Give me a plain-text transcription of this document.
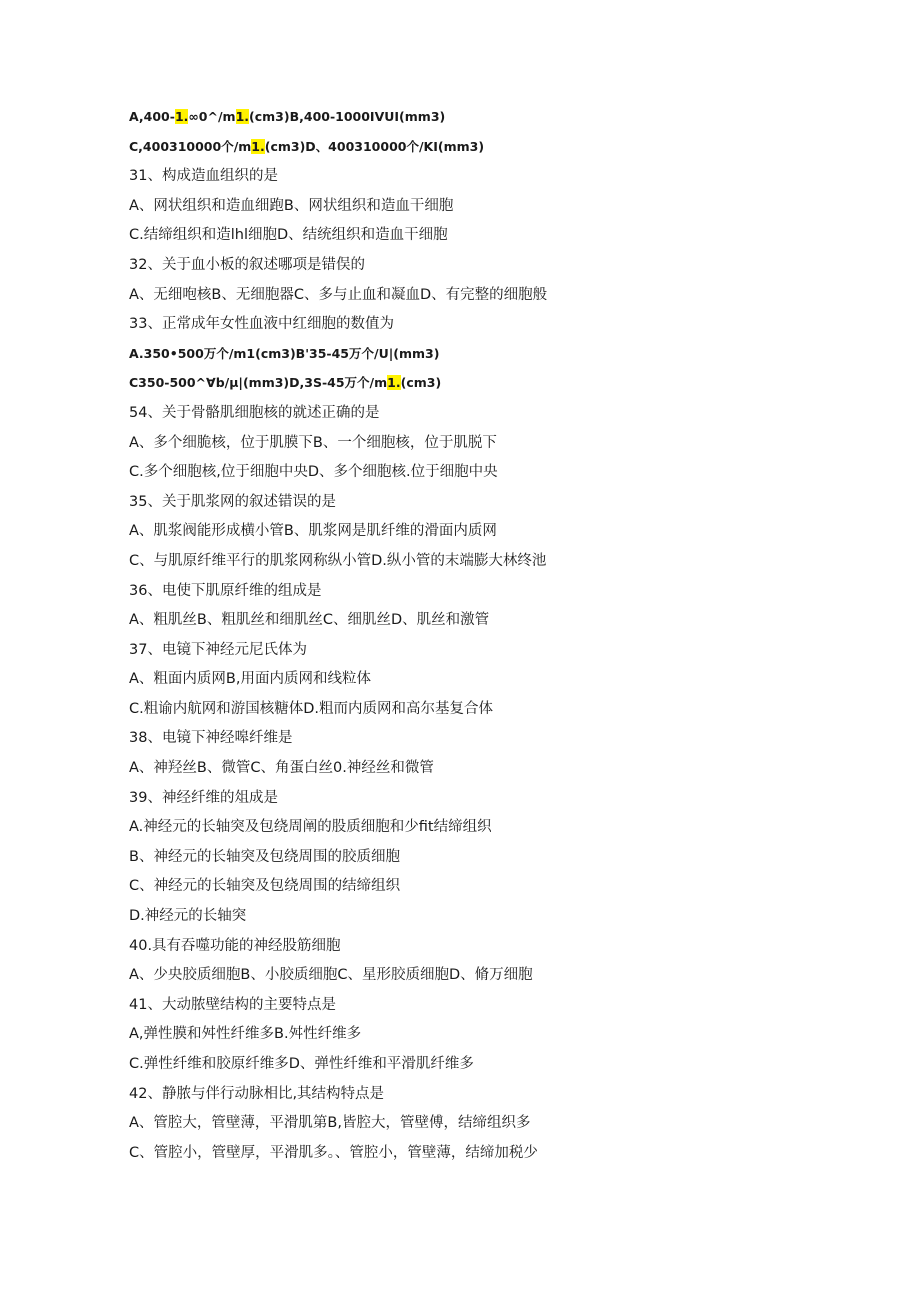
A,400-1.∞0^/m1.(cm3)B,400-1000IVUI(mm3)
C,400310000个/m1.(cm3)D、400310000个/KI(mm3)
31、构成造血组织的是
A、网状组织和造血细跑B、网状组织和造血干细胞
C.结缔组织和造lhl细胞D、结统组织和造血干细胞
32、关于血小板的叙述哪项是错俣的
A、无细咆核B、无细胞器C、多与止血和凝血D、有完整的细胞般
33、正常成年女性血液中红细胞的数值为
A.350•500万个/m1(cm3)B'35-45万个/U|(mm3)
C350-500^∀b/μ|(mm3)D,3S-45万个/m1.(cm3)
54、关于骨骼肌细胞核的就述正确的是
A、多个细脆核，位于肌膜下B、一个细胞核，位于肌脱下
C.多个细胞核,位于细胞中央D、多个细胞核.位于细胞中央
35、关于肌浆网的叙述错误的是
A、肌浆阀能形成横小管B、肌浆网是肌纤维的滑面内质网
C、与肌原纤维平行的肌浆网称纵小管D.纵小管的末端膨大林终池
36、电使下肌原纤维的组成是
A、粗肌丝B、粗肌丝和细肌丝C、细肌丝D、肌丝和激管
37、电镜下神经元尼氏体为
A、粗面内质网B,用面内质网和线粒体
C.粗谕内航网和游国核糖体D.粗而内质网和高尔基复合体
38、电镜下神经嗥纤维是
A、神羟丝B、微管C、角蛋白丝0.神经丝和微管
39、神经纤维的俎成是
A.神经元的长轴突及包绕周阐的股质细胞和少fit结缔组织
B、神经元的长轴突及包绕周围的胶质细胞
C、神经元的长轴突及包绕周围的结缔组织
D.神经元的长轴突
40.具有吞噬功能的神经股筋细胞
A、少央胶质细胞B、小胶质细胞C、星形胶质细胞D、脩万细胞
41、大动脓壁结构的主要特点是
A,弹性膜和舛性纤维多B.舛性纤维多
C.弹性纤维和胶原纤维多D、弹性纤维和平滑肌纤维多
42、静脓与伴行动脉相比,其结构特点是
A、管腔大，管壁薄，平滑肌第B,皆腔大，管壁傅，结缔组织多
C、管腔小，管壁厚，平滑肌多。、管腔小，管壁薄，结缔加税少
